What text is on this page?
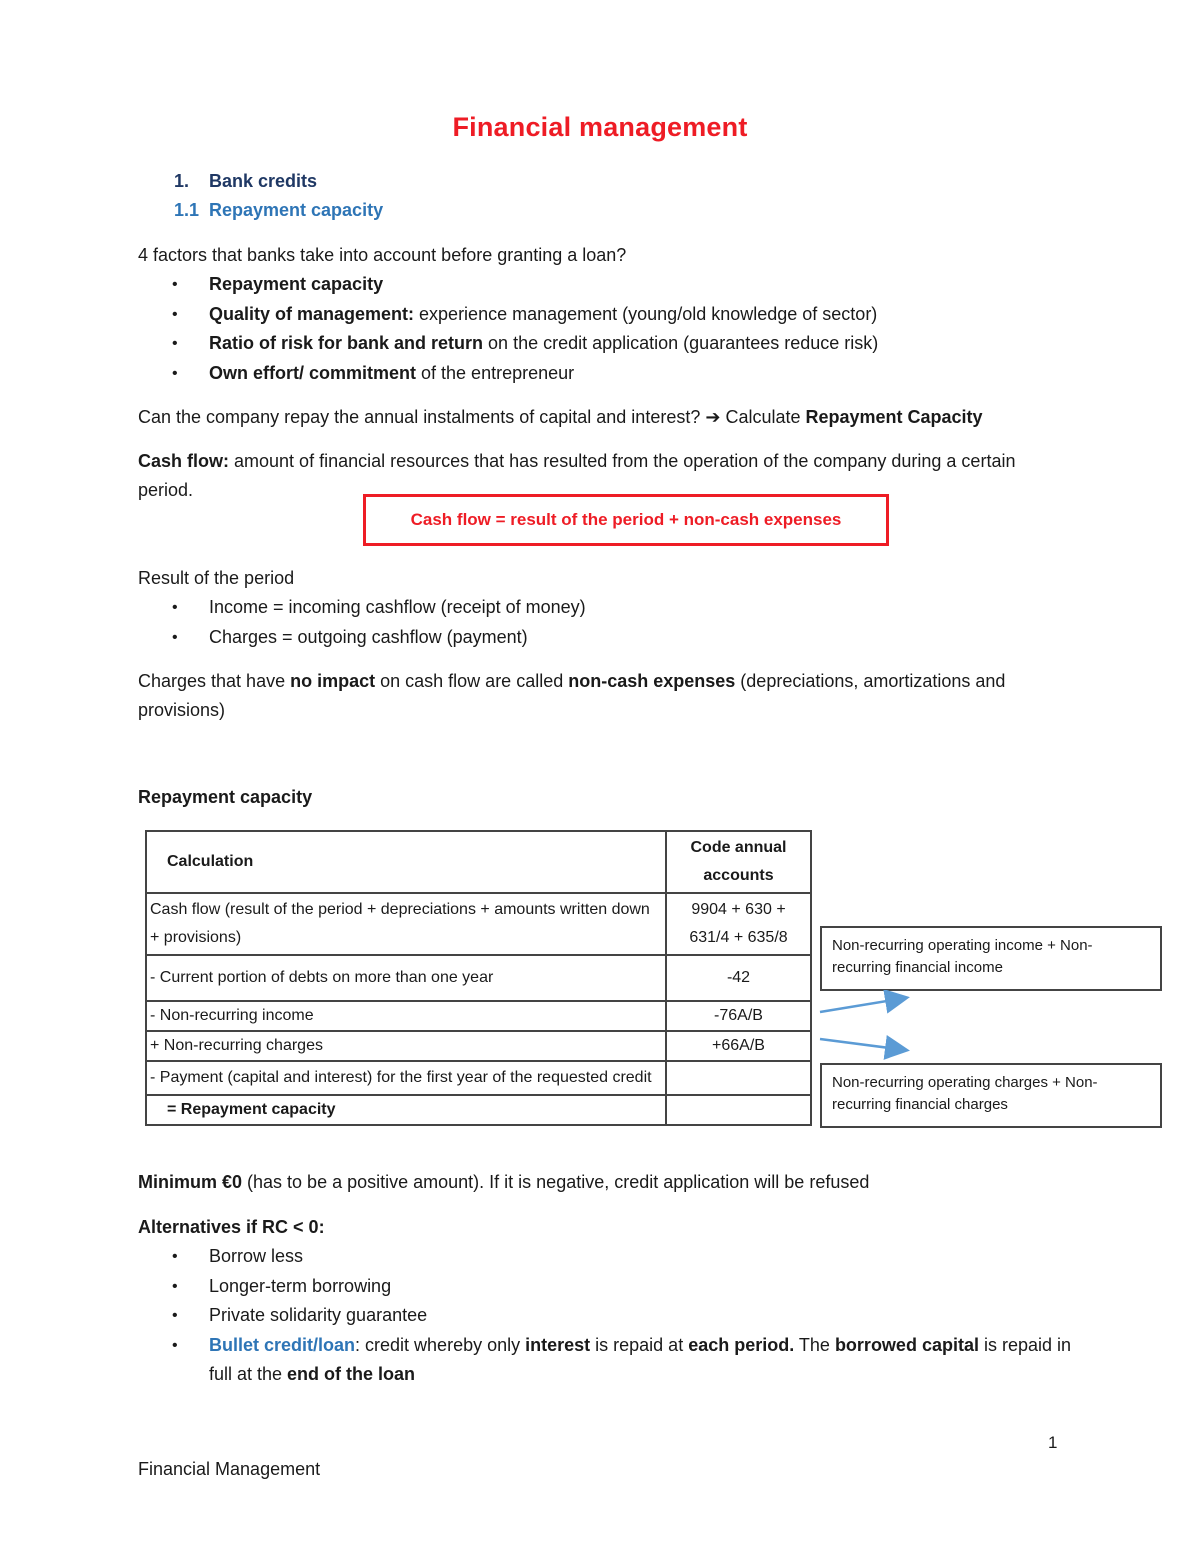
Financial management
1. Bank credits
1.1 Repayment capacity
4 factors that banks take into account before granting a loan?
• Repayment capacity
• Quality of management: experience management (young/old knowledge of sector)
• Ratio of risk for bank and return on the credit application (guarantees reduce risk)
• Own effort/ commitment of the entrepreneur
Can the company repay the annual instalments of capital and interest? ➔ Calculate Repayment Capacity
Cash flow: amount of financial resources that has resulted from the operation of the company during a certain period.
Cash flow = result of the period + non-cash expenses
Result of the period
• Income = incoming cashflow (receipt of money)
• Charges = outgoing cashflow (payment)
Charges that have no impact on cash flow are called non-cash expenses (depreciations, amortizations and provisions)
Repayment capacity
Calculation	Code annual accounts
Cash flow (result of the period + depreciations + amounts written down + provisions)	9904 + 630 + 631/4 + 635/8
- Current portion of debts on more than one year	-42
- Non-recurring income	-76A/B
+ Non-recurring charges	+66A/B
- Payment (capital and interest) for the first year of the requested credit	
= Repayment capacity	
Non-recurring operating income + Non-recurring financial income
Non-recurring operating charges + Non-recurring financial charges
Minimum €0 (has to be a positive amount). If it is negative, credit application will be refused
Alternatives if RC < 0:
• Borrow less
• Longer-term borrowing
• Private solidarity guarantee
• Bullet credit/loan: credit whereby only interest is repaid at each period. The borrowed capital is repaid in full at the end of the loan
1
Financial Management
